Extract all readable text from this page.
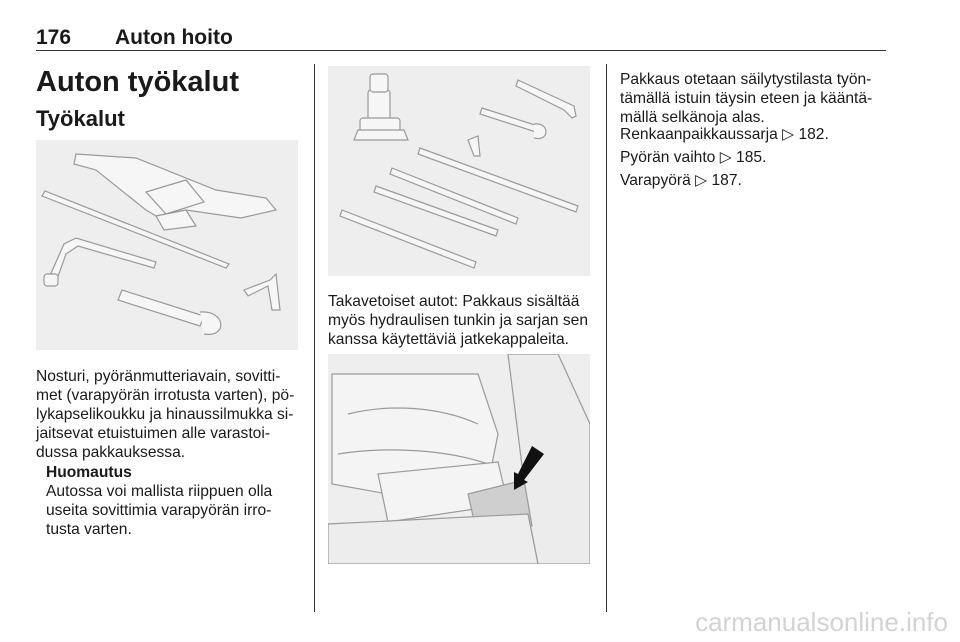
176 Auton hoito
Auton työkalut
Työkalut
Nosturi, pyöränmutteriavain, sovitti-
met (varapyörän irrotusta varten), pö-
lykapselikoukku ja hinaussilmukka si-
jaitsevat etuistuimen alle varastoi-
dussa pakkauksessa.
Huomautus
Autossa voi mallista riippuen olla
useita sovittimia varapyörän irro-
tusta varten.
Takavetoiset autot: Pakkaus sisältää
myös hydraulisen tunkin ja sarjan sen
kanssa käytettäviä jatkekappaleita.
Pakkaus otetaan säilytystilasta työn-
tämällä istuin täysin eteen ja kääntä-
mällä selkänoja alas.
Renkaanpaikkaussarja ▷ 182.
Pyörän vaihto ▷ 185.
Varapyörä ▷ 187.
carmanualsonline.info
